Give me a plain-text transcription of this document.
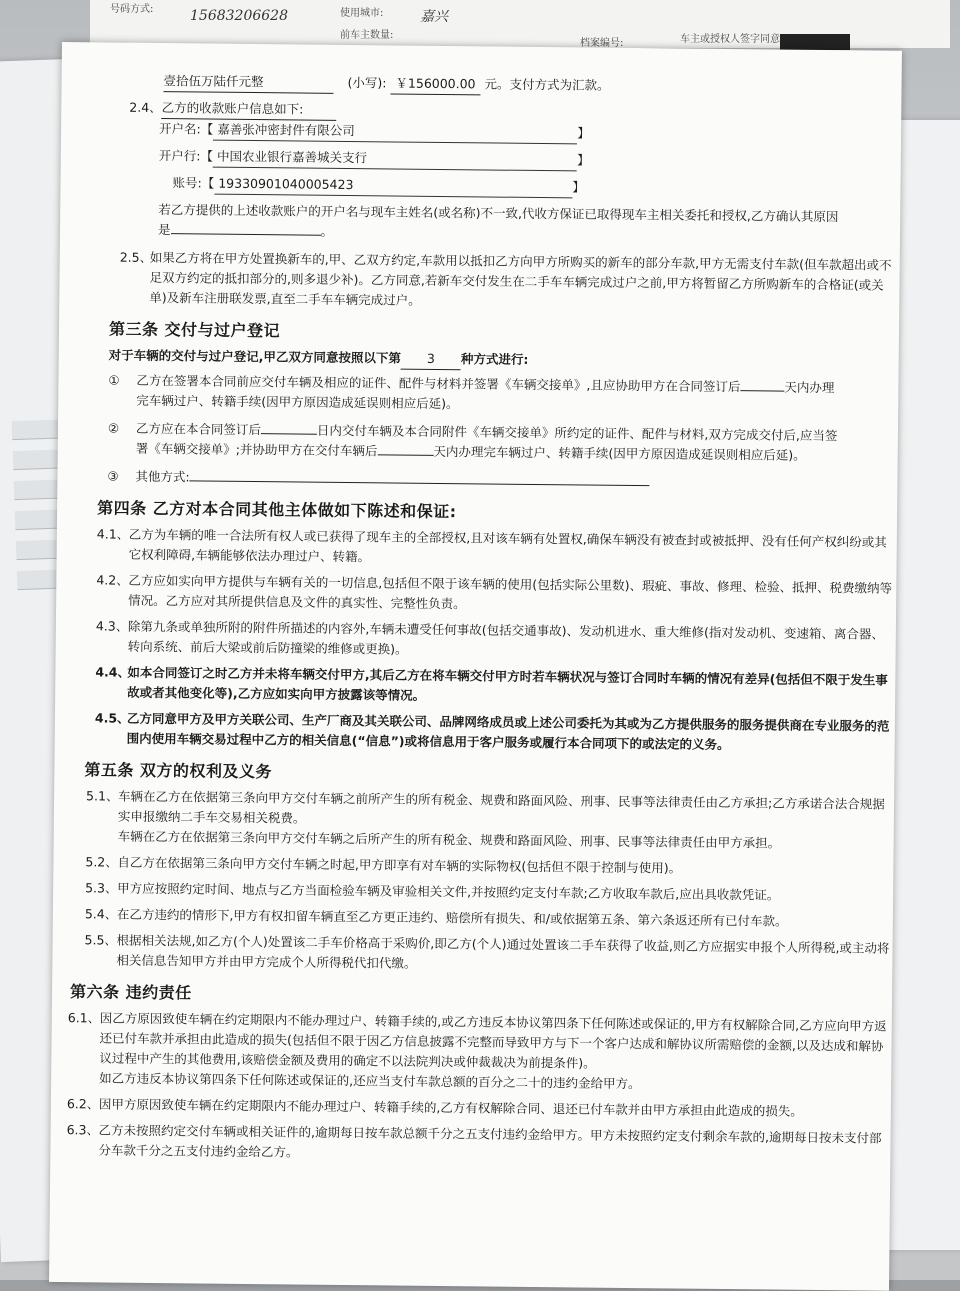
号码方式:	15683206628	使用城市:	嘉兴
前车主数量:
档案编号:	车主或授权人签字同意

壹拾伍万陆仟元整	(小写): ￥156000.00 元。支付方式为汇款。

2.4、乙方的收款账户信息如下:

开户名:【 嘉善张冲密封件有限公司	】

开户行:【 中国农业银行嘉善城关支行	】

账号:【 19330901040005423	】

若乙方提供的上述收款账户的开户名与现车主姓名(或名称)不一致,代收方保证已取得现车主相关委托和授权,乙方确认其原因

是	。

2.5、
如果乙方将在甲方处置换新车的,甲、乙双方约定,车款用以抵扣乙方向甲方所购买的新车的部分车款,甲方无需支付车款(但车款超出或不足双方约定的抵扣部分的,则多退少补)。乙方同意,若新车交付发生在二手车车辆完成过户之前,甲方将暂留乙方所购新车的合格证(或关单)及新车注册联发票,直至二手车车辆完成过户。
第三条 交付与过户登记

对于车辆的交付与过户登记,甲乙双方同意按照以下第 3 种方式进行:

① 乙方在签署本合同前应交付车辆及相应的证件、配件与材料并签署《车辆交接单》,且应协助甲方在合同签订后	天内办理
完车辆过户、转籍手续(因甲方原因造成延误则相应后延)。
② 乙方应在本合同签订后	日内交付车辆及本合同附件《车辆交接单》所约定的证件、配件与材料,双方完成交付后,应当签
署《车辆交接单》;并协助甲方在交付车辆后	天内办理完车辆过户、转籍手续(因甲方原因造成延误则相应后延)。
③ 其他方式:
第四条 乙方对本合同其他主体做如下陈述和保证:
4.1、 乙方为车辆的唯一合法所有权人或已获得了现车主的全部授权,且对该车辆有处置权,确保车辆没有被查封或被抵押、没有任何产权纠纷或其它权利障碍,车辆能够依法办理过户、转籍。
4.2、 乙方应如实向甲方提供与车辆有关的一切信息,包括但不限于该车辆的使用(包括实际公里数)、瑕疵、事故、修理、检验、抵押、税费缴纳等情况。乙方应对其所提供信息及文件的真实性、完整性负责。
4.3、 除第九条或单独所附的附件所描述的内容外,车辆未遭受任何事故(包括交通事故)、发动机进水、重大维修(指对发动机、变速箱、离合器、转向系统、前后大梁或前后防撞梁的维修或更换)。
4.4、
如本合同签订之时乙方并未将车辆交付甲方,其后乙方在将车辆交付甲方时若车辆状况与签订合同时车辆的情况有差异(包括但不限于发生事故或者其他变化等),乙方应如实向甲方披露该等情况。
4.5、
乙方同意甲方及甲方关联公司、生产厂商及其关联公司、品牌网络成员或上述公司委托为其或为乙方提供服务的服务提供商在专业服务的范围内使用车辆交易过程中乙方的相关信息(“信息”)或将信息用于客户服务或履行本合同项下的或法定的义务。
第五条 双方的权利及义务
5.1、 车辆在乙方在依据第三条向甲方交付车辆之前所产生的所有税金、规费和路面风险、刑事、民事等法律责任由乙方承担;乙方承诺合法合规据实申报缴纳二手车交易相关税费。
车辆在乙方在依据第三条向甲方交付车辆之后所产生的所有税金、规费和路面风险、刑事、民事等法律责任由甲方承担。
5.2、 自乙方在依据第三条向甲方交付车辆之时起,甲方即享有对车辆的实际物权(包括但不限于控制与使用)。
5.3、 甲方应按照约定时间、地点与乙方当面检验车辆及审验相关文件,并按照约定支付车款;乙方收取车款后,应出具收款凭证。
5.4、 在乙方违约的情形下,甲方有权扣留车辆直至乙方更正违约、赔偿所有损失、和/或依据第五条、第六条返还所有已付车款。
5.5、 根据相关法规,如乙方(个人)处置该二手车价格高于采购价,即乙方(个人)通过处置该二手车获得了收益,则乙方应据实申报个人所得税,或主动将相关信息告知甲方并由甲方完成个人所得税代扣代缴。
第六条 违约责任
6.1、 因乙方原因致使车辆在约定期限内不能办理过户、转籍手续的,或乙方违反本协议第四条下任何陈述或保证的,甲方有权解除合同,乙方应向甲方返还已付车款并承担由此造成的损失(包括但不限于因乙方信息披露不完整而导致甲方与下一个客户达成和解协议所需赔偿的金额,以及达成和解协议过程中产生的其他费用,该赔偿金额及费用的确定不以法院判决或仲裁裁决为前提条件)。
如乙方违反本协议第四条下任何陈述或保证的,还应当支付车款总额的百分之二十的违约金给甲方。
6.2、 因甲方原因致使车辆在约定期限内不能办理过户、转籍手续的,乙方有权解除合同、退还已付车款并由甲方承担由此造成的损失。
6.3、 乙方未按照约定交付车辆或相关证件的,逾期每日按车款总额千分之五支付违约金给甲方。甲方未按照约定支付剩余车款的,逾期每日按未支付部分车款千分之五支付违约金给乙方。
